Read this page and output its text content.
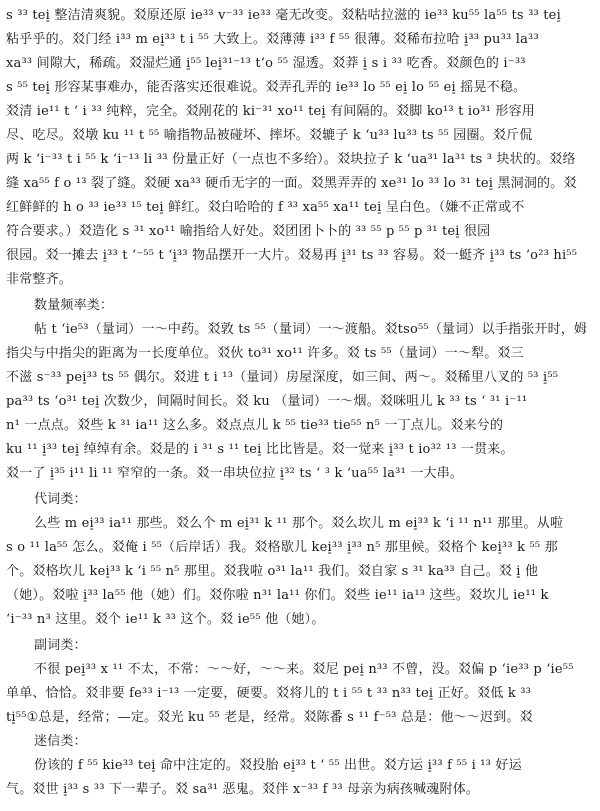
s ³³ tei̠ 整洁清爽貌。㸚原还原 ie³³ v⁻³³ ie³³ 毫无改变。㸚粘咕拉滋的 ie³³ ku⁵⁵ la⁵⁵ ts ³³ tei̠
粘乎乎的。㸚门经 i³³ m ei̠³³ t i ⁵⁵ 大致上。㸚薄薄 i³³ f ⁵⁵ 很薄。㸚稀布拉哈 i̠³³ pu³³ la³³
xa³³ 间隙大，稀疏。㸚湿烂通 i̠⁵⁵ lei̠³¹⁻¹³ t‘o ⁵⁵ 湿透。㸚莽 i̠ s i ³³ 吃香。㸚颜色的 i⁻³³
s ⁵⁵ tei̠ 形容某事难办，能否落实还很难说。㸚弄孔弄的 ie³³ lo ⁵⁵ ei̠ lo ⁵⁵ ei̠ 摇晃不稳。
㸚清 ie¹¹ t ‘ i ³³ 纯粹，完全。㸚剐花的 ki⁻³¹ xo¹¹ tei̠ 有间隔的。㸚脚 ko¹³ t io³¹ 形容用
尽、吃尽。㸚墩 ku ¹¹ t ⁵⁵ 喻指物品被碰坏、摔坏。㸚辘子 k ‘u³³ lu³³ ts ⁵⁵ 园圈。㸚斤侃
两 k ‘i⁻³³ t i ⁵⁵ k ‘i⁻¹³ li ³³ 份量正好（一点也不多给）。㸚块拉子 k ‘ua³¹ la³¹ ts ³ 块状的。㸚络
缝 xa⁵⁵ f o ¹³ 裂了缝。㸚硬 xa³³ 硬币无字的一面。㸚黑弄弄的 xe³¹ lo ³³ lo ³¹ tei̠ 黑洞洞的。㸚
红鲜鲜的 h o ³³ ie³³ ¹⁵ tei̠ 鲜红。㸚白哈哈的 f ³³ xa⁵⁵ xa¹¹ tei̠ 呈白色。（嫌不正常或不
符合要求。）㸚造化 s ³¹ xo¹¹ 喻指给人好处。㸚团团卜卜的 ³³ ⁵⁵ p ⁵⁵ p ³¹ tei̠ 很园
很园。㸚一摊去 i̠³³ t ‘⁻⁵⁵ t ‘i̠³³ 物品摆开一大片。㸚易再 i̠³¹ ts ³³ 容易。㸚一蜓齐 i̠³³ ts ‘o²³ hi⁵⁵
非常整齐。
数量频率类：
帖 t ‘ie⁵³（量词）一～中药。㸚敦 ts ⁵⁵（量词）一～渡船。㸚tso⁵⁵（量词）以手指张开时，姆
指尖与中指尖的距离为一长度单位。㸚伙 to³¹ xo¹¹ 许多。㸚 ts ⁵⁵（量词）一～犁。㸚三
不滋 s⁻³³ pei̠³³ ts ⁵⁵ 偶尔。㸚进 t i ¹³（量词）房屋深度，如三间、两～。㸚稀里八叉的 ⁵³ i̠⁵⁵
pa³³ ts ‘o³¹ tei̠ 次数少，间隔时间长。㸚 ku （量词）一～烟。㸚咪咀儿 k ³³ ts ‘ ³¹ i⁻¹¹
n¹ 一点点。㸚些 k ³¹ ia¹¹ 这么多。㸚点点儿 k ⁵⁵ tie³³ tie⁵⁵ n⁵ 一丁点儿。㸚来兮的
ku ¹¹ i̠³³ tei̠ 绰绰有余。㸚是的 i ³¹ s ¹¹ tei̠ 比比皆是。㸚一觉来 i̠³³ t io³² ¹³ 一贯来。
㸚一了 i̠³⁵ i¹¹ li ¹¹ 窄窄的一条。㸚一串块位拉 i̠³² ts ‘ ³ k ‘ua⁵⁵ la³¹ 一大串。
代词类：
么些 m ei̠³³ ia¹¹ 那些。㸚么个 m ei̠³¹ k ¹¹ 那个。㸚么坎儿 m ei̠³³ k ‘i ¹¹ n¹¹ 那里。从啦
s o ¹¹ la⁵⁵ 怎么。㸚俺 i ⁵⁵（后岸话）我。㸚格歇儿 kei̠³³ i̠³³ n⁵ 那里候。㸚格个 kei̠³³ k ⁵⁵ 那
个。㸚格坎儿 kei̠³³ k ‘i ⁵⁵ n⁵ 那里。㸚我啦 o³¹ la¹¹ 我们。㸚自家 s ³¹ ka³³ 自己。㸚 i̠ 他
（她）。㸚啦 i̠³³ la⁵⁵ 他（她）们。㸚你啦 n³¹ la¹¹ 你们。㸚些 ie¹¹ ia¹³ 这些。㸚坎儿 ie¹¹ k
‘i⁻³³ n³ 这里。㸚个 ie¹¹ k ³³ 这个。㸚 ie⁵⁵ 他（她）。
副词类：
不很 pei̠³³ x ¹¹ 不太，不常：～～好，～～来。㸚尼 pei̠ n³³ 不曾，没。㸚偏 p ‘ie³³ p ‘ie⁵⁵
单单、恰恰。㸚非要 fe³³ i⁻¹³ 一定要，硬要。㸚将儿的 t i ⁵⁵ t ³³ n³³ tei̠ 正好。㸚低 k ³³
ti̠⁵⁵①总是，经常；—定。㸚光 ku ⁵⁵ 老是，经常。㸚陈番 s ¹¹ f⁻⁵³ 总是：他～～迟到。㸚
迷信类：
份该的 f ⁵⁵ kie³³ tei̠ 命中注定的。㸚投胎 ei̠³³ t ‘ ⁵⁵ 出世。㸚方运 i̠³³ f ⁵⁵ i ¹³ 好运
气。㸚世 i̠³³ s ³³ 下一辈子。㸚 sa³¹ 恶鬼。㸚伴 x⁻³³ f ³³ 母亲为病孩喊魂附体。
